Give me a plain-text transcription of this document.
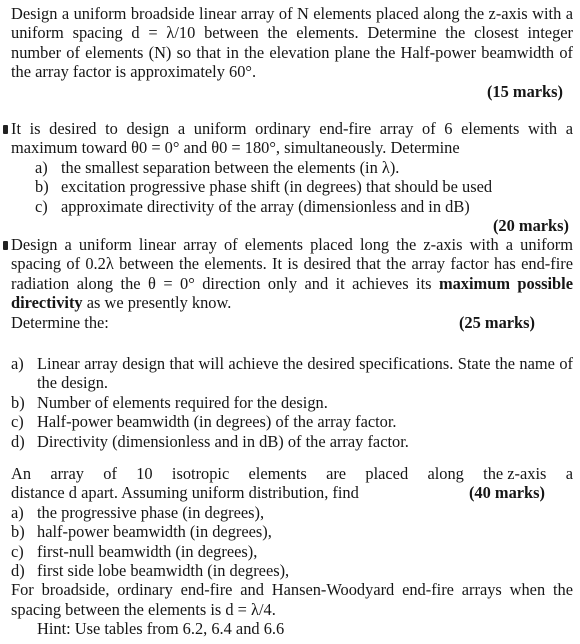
Design a uniform broadside linear array of N elements placed along the z-axis with a uniform spacing d = λ/10 between the elements. Determine the closest integer number of elements (N) so that in the elevation plane the Half-power beamwidth of the array factor is approximately 60°.
(15 marks)
It is desired to design a uniform ordinary end-fire array of 6 elements with a maximum toward θ0 = 0° and θ0 = 180°, simultaneously. Determine
a) the smallest separation between the elements (in λ).
b) excitation progressive phase shift (in degrees) that should be used
c) approximate directivity of the array (dimensionless and in dB)
(20 marks)
Design a uniform linear array of elements placed long the z-axis with a uniform spacing of 0.2λ between the elements. It is desired that the array factor has end-fire radiation along the θ = 0° direction only and it achieves its maximum possible directivity as we presently know.
Determine the:	(25 marks)
a) Linear array design that will achieve the desired specifications. State the name of the design.
b) Number of elements required for the design.
c) Half-power beamwidth (in degrees) of the array factor.
d) Directivity (dimensionless and in dB) of the array factor.
An array of 10 isotropic elements are placed along the z-axis a
distance d apart. Assuming uniform distribution, find	(40 marks)
a) the progressive phase (in degrees),
b) half-power beamwidth (in degrees),
c) first-null beamwidth (in degrees),
d) first side lobe beamwidth (in degrees),
For broadside, ordinary end-fire and Hansen-Woodyard end-fire arrays when the spacing between the elements is d = λ/4.
Hint: Use tables from 6.2, 6.4 and 6.6
